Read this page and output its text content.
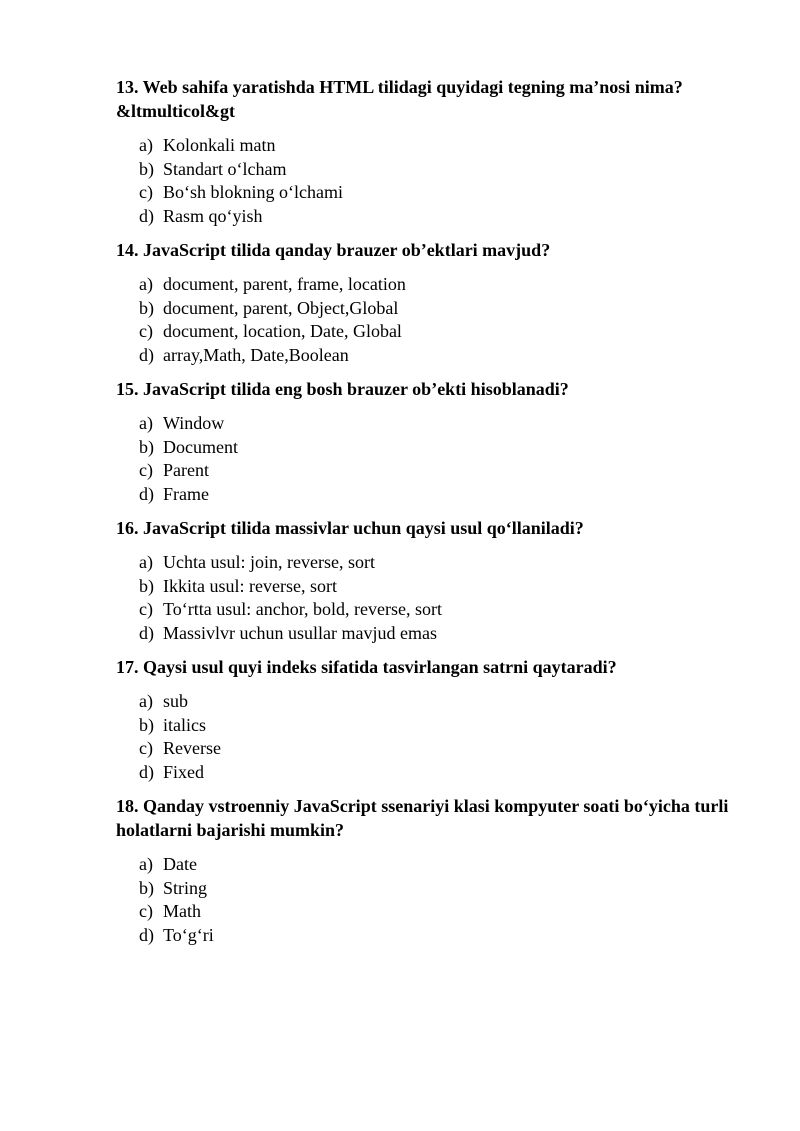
13. Web sahifa yaratishda HTML tilidagi quyidagi tegning ma’nosi nima? &ltmulticol&gt

a) Kolonkali matn
b) Standart o‘lcham
c) Bo‘sh blokning o‘lchami
d) Rasm qo‘yish

14. JavaScript tilida qanday brauzer ob’ektlari mavjud?

a) document, parent, frame, location
b) document, parent, Object,Global
c) document, location, Date, Global
d) array,Math, Date,Boolean

15. JavaScript tilida eng bosh brauzer ob’ekti hisoblanadi?

a) Window
b) Document
c) Parent
d) Frame

16. JavaScript tilida massivlar uchun qaysi usul qo‘llaniladi?

a) Uchta usul: join, reverse, sort
b) Ikkita usul: reverse, sort
c) To‘rtta usul: anchor, bold, reverse, sort
d) Massivlvr uchun usullar mavjud emas

17. Qaysi usul quyi indeks sifatida tasvirlangan satrni qaytaradi?

a) sub
b) italics
c) Reverse
d) Fixed

18. Qanday vstroenniy JavaScript ssenariyi klasi kompyuter soati bo‘yicha turli holatlarni bajarishi mumkin?

a) Date
b) String
c) Math
d) To‘g‘ri
